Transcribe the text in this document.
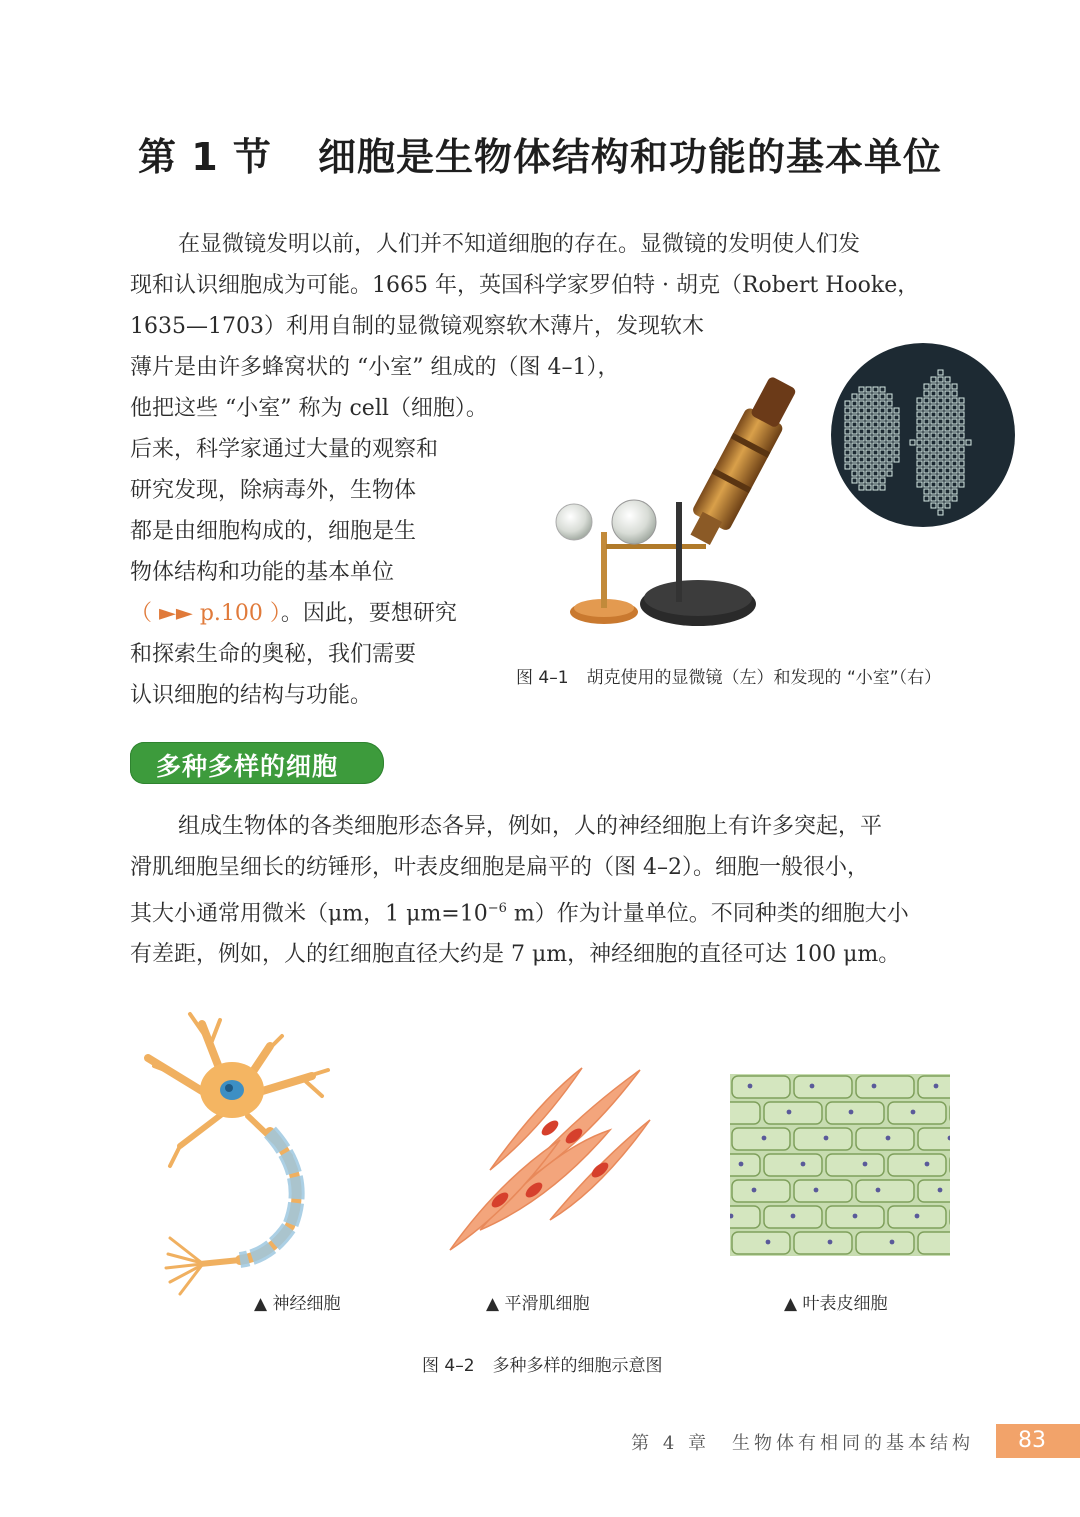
第 1 节 细胞是生物体结构和功能的基本单位
在显微镜发明以前，人们并不知道细胞的存在。显微镜的发明使人们发
现和认识细胞成为可能。1665 年，英国科学家罗伯特 · 胡克（Robert Hooke，
1635—1703）利用自制的显微镜观察软木薄片，发现软木
薄片是由许多蜂窝状的 “小室” 组成的（图 4–1），
他把这些 “小室” 称为 cell（细胞）。
后来，科学家通过大量的观察和
研究发现，除病毒外，生物体
都是由细胞构成的，细胞是生
物体结构和功能的基本单位
（ ►► p.100 ）。因此，要想研究
和探索生命的奥秘，我们需要
认识细胞的结构与功能。
图 4–1 胡克使用的显微镜（左）和发现的 “小室”（右）
多种多样的细胞
组成生物体的各类细胞形态各异，例如，人的神经细胞上有许多突起，平
滑肌细胞呈细长的纺锤形，叶表皮细胞是扁平的（图 4–2）。细胞一般很小，
其大小通常用微米（μm，1 $\mu m=10^{-6}$ m）作为计量单位。不同种类的细胞大小
有差距，例如，人的红细胞直径大约是 7 μm，神经细胞的直径可达 100 μm。
▲ 神经细胞	▲ 平滑肌细胞	▲ 叶表皮细胞
图 4–2 多种多样的细胞示意图
第 4 章　生物体有相同的基本结构	83
